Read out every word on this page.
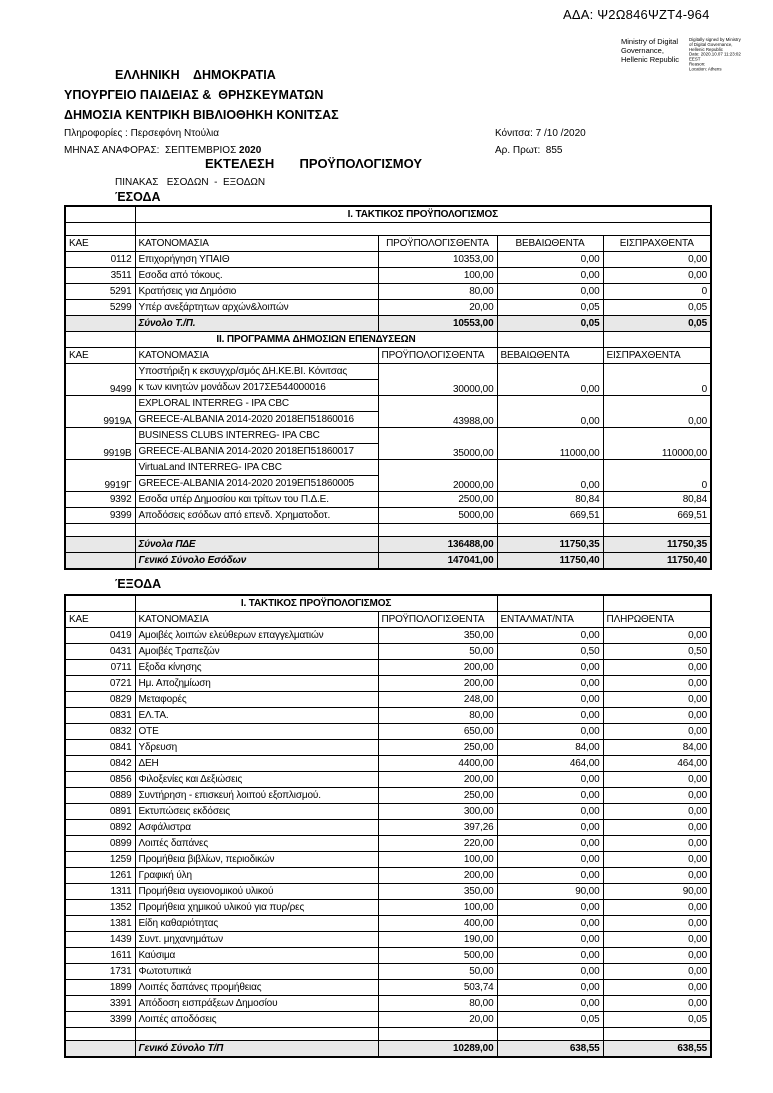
ΑΔΑ: Ψ2Ω846ΨΖΤ4-964
Ministry of Digital
Governance,
Hellenic Republic
Digitally signed by Ministry
of Digital Governance,
Hellenic Republic
Date: 2020.10.07 11:23:02
EEST
Reason:
Location: Athens
ΕΛΛΗΝΙΚΗ    ΔΗΜΟΚΡΑΤΙΑ
ΥΠΟΥΡΓΕΙΟ ΠΑΙΔΕΙΑΣ &  ΘΡΗΣΚΕΥΜΑΤΩΝ
ΔΗΜΟΣΙΑ ΚΕΝΤΡΙΚΗ ΒΙΒΛΙΟΘΗΚΗ ΚΟΝΙΤΣΑΣ
Πληροφορίες : Περσεφόνη Ντούλια
ΜΗΝΑΣ ΑΝΑΦΟΡΑΣ:  ΣΕΠΤΕΜΒΡΙΟΣ 2020
Κόνιτσα: 7 /10 /2020
Αρ. Πρωτ:  855
ΕΚΤΕΛΕΣΗ       ΠΡΟΫΠΟΛΟΓΙΣΜΟΥ
ΠΙΝΑΚΑΣ   ΕΣΟΔΩΝ  -  ΕΞΟΔΩΝ
ΈΣΟΔΑ
	Ι. ΤΑΚΤΙΚΟΣ ΠΡΟΫΠΟΛΟΓΙΣΜΟΣ			

ΚΑΕ	ΚΑΤΟΝΟΜΑΣΙΑ	ΠΡΟΫΠΟΛΟΓΙΣΘΕΝΤΑ	ΒΕΒΑΙΩΘΕΝΤΑ	ΕΙΣΠΡΑΧΘΕΝΤΑ
0112	Επιχορήγηση ΥΠΑΙΘ	10353,00	0,00	0,00
3511	Εσοδα από τόκους.	100,00	0,00	0,00
5291	Κρατήσεις για Δημόσιο	80,00	0,00	0
5299	Υπέρ ανεξάρτητων αρχών&λοιπών	20,00	0,05	0,05
	Σύνολο Τ./Π.	10553,00	0,05	0,05
	ΙΙ. ΠΡΟΓΡΑΜΜΑ ΔΗΜΟΣΙΩΝ ΕΠΕΝΔΥΣΕΩΝ			
ΚΑΕ	ΚΑΤΟΝΟΜΑΣΙΑ	ΠΡΟΫΠΟΛΟΓΙΣΘΕΝΤΑ	ΒΕΒΑΙΩΘΕΝΤΑ	ΕΙΣΠΡΑΧΘΕΝΤΑ
9499	Υποστήριξη κ εκσυγχρ/σμός ΔΗ.ΚΕ.ΒΙ. Κόνιτσας
κ των κινητών μονάδων 2017ΣΕ544000016	30000,00	0,00	0
9919Α	EXPLORAL INTERREG - IPA CBC
GREECE-ALBANIA 2014-2020 2018ΕΠ51860016	43988,00	0,00	0,00
9919Β	BUSINESS CLUBS INTERREG- IPA CBC
GREECE-ALBANIA 2014-2020 2018ΕΠ51860017	35000,00	11000,00	110000,00
9919Γ	VirtuaLand INTERREG- IPA CBC
GREECE-ALBANIA 2014-2020 2019ΕΠ51860005	20000,00	0,00	0
9392	Εσοδα υπέρ Δημοσίου και τρίτων του Π.Δ.Ε.	2500,00	80,84	80,84
9399	Αποδόσεις εσόδων από επενδ. Χρηματοδοτ.	5000,00	669,51	669,51

	Σύνολα ΠΔΕ	136488,00	11750,35	11750,35
	Γενικό Σύνολο Εσόδων	147041,00	11750,40	11750,40
ΈΞΟΔΑ
	Ι. ΤΑΚΤΙΚΟΣ ΠΡΟΫΠΟΛΟΓΙΣΜΟΣ			
ΚΑΕ	ΚΑΤΟΝΟΜΑΣΙΑ	ΠΡΟΫΠΟΛΟΓΙΣΘΕΝΤΑ	ΕΝΤΑΛΜΑΤ/ΝΤΑ	ΠΛΗΡΩΘΕΝΤΑ
0419	Αμοιβές λοιπών ελεύθερων επαγγελματιών	350,00	0,00	0,00
0431	Αμοιβές Τραπεζών	50,00	0,50	0,50
0711	Εξοδα κίνησης	200,00	0,00	0,00
0721	Ημ. Αποζημίωση	200,00	0,00	0,00
0829	Μεταφορές	248,00	0,00	0,00
0831	ΕΛ.ΤΑ.	80,00	0,00	0,00
0832	ΟΤΕ	650,00	0,00	0,00
0841	Υδρευση	250,00	84,00	84,00
0842	ΔΕΗ	4400,00	464,00	464,00
0856	Φιλοξενίες και Δεξιώσεις	200,00	0,00	0,00
0889	Συντήρηση - επισκευή λοιπού εξοπλισμού.	250,00	0,00	0,00
0891	Εκτυπώσεις εκδόσεις	300,00	0,00	0,00
0892	Ασφάλιστρα	397,26	0,00	0,00
0899	Λοιπές δαπάνες	220,00	0,00	0,00
1259	Προμήθεια βιβλίων, περιοδικών	100,00	0,00	0,00
1261	Γραφική ύλη	200,00	0,00	0,00
1311	Προμήθεια υγειονομικού υλικού	350,00	90,00	90,00
1352	Προμήθεια χημικού υλικού για πυρ/ρες	100,00	0,00	0,00
1381	Είδη καθαριότητας	400,00	0,00	0,00
1439	Συντ. μηχανημάτων	190,00	0,00	0,00
1611	Καύσιμα	500,00	0,00	0,00
1731	Φωτοτυπικά	50,00	0,00	0,00
1899	Λοιπές δαπάνες προμήθειας	503,74	0,00	0,00
3391	Απόδοση εισπράξεων Δημοσίου	80,00	0,00	0,00
3399	Λοιπές αποδόσεις	20,00	0,05	0,05

	Γενικό Σύνολο Τ/Π	10289,00	638,55	638,55
